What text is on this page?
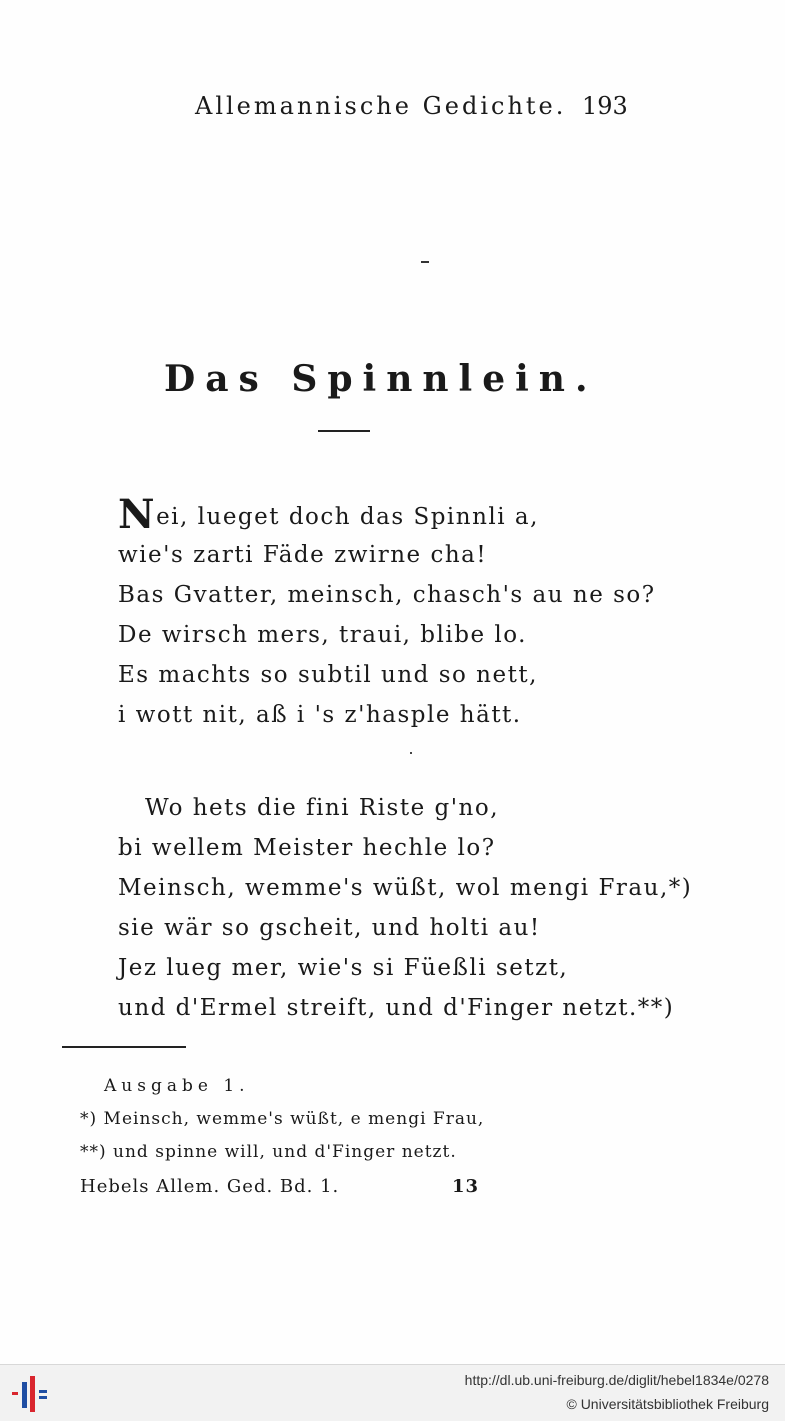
Allemannische Gedichte. 193
Das Spinnlein.
Nei, lueget doch das Spinnli a,
wie's zarti Fäde zwirne cha!
Bas Gvatter, meinsch, chasch's au ne so?
De wirsch mers, traui, blibe lo.
Es machts so subtil und so nett,
i wott nit, aß i 's z'hasple hätt.
Wo hets die fini Riste g'no,
bi wellem Meister hechle lo?
Meinsch, wemme's wüßt, wol mengi Frau,*)
sie wär so gscheit, und holti au!
Jez lueg mer, wie's si Füeßli setzt,
und d'Ermel streift, und d'Finger netzt.**)
Ausgabe 1.
*) Meinsch, wemme's wüßt, e mengi Frau,
**) und spinne will, und d'Finger netzt.
Hebels Allem. Ged. Bd. 1.	13
http://dl.ub.uni-freiburg.de/diglit/hebel1834e/0278
© Universitätsbibliothek Freiburg
